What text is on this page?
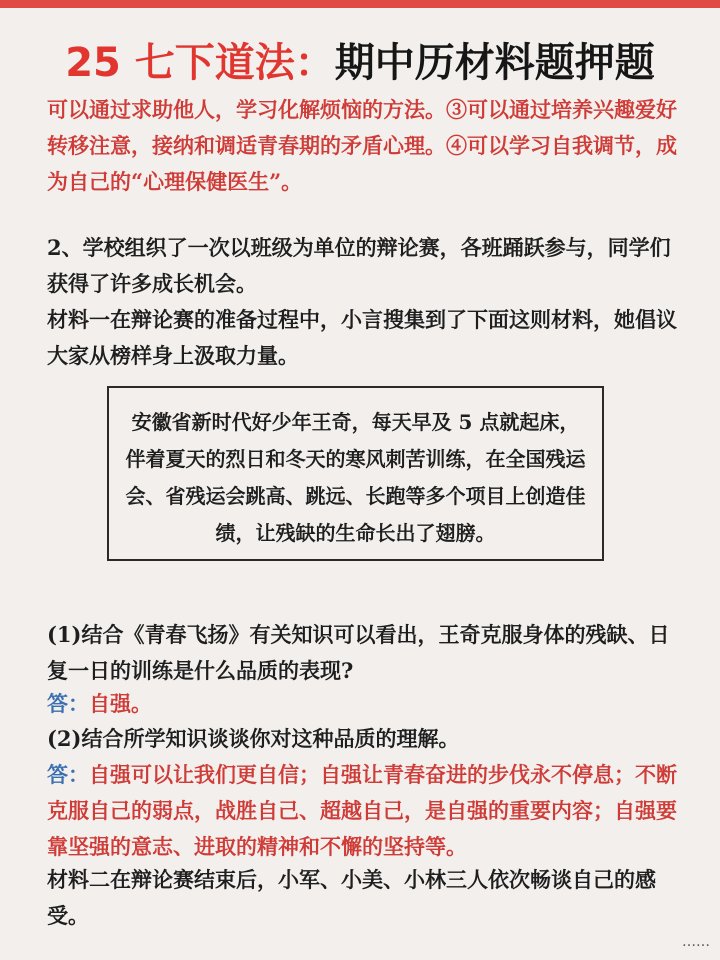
25 七下道法：期中历材料题押题
可以通过求助他人，学习化解烦恼的方法。③可以通过培养兴趣爱好转移注意，接纳和调适青春期的矛盾心理。④可以学习自我调节，成为自己的“心理保健医生”。
2、学校组织了一次以班级为单位的辩论赛，各班踊跃参与，同学们获得了许多成长机会。
材料一在辩论赛的准备过程中，小言搜集到了下面这则材料，她倡议大家从榜样身上汲取力量。
安徽省新时代好少年王奇，每天早及 5 点就起床，伴着夏天的烈日和冬天的寒风刺苦训练，在全国残运会、省残运会跳高、跳远、长跑等多个项目上创造佳绩，让残缺的生命长出了翅膀。
(1)结合《青春飞扬》有关知识可以看出，王奇克服身体的残缺、日复一日的训练是什么品质的表现?
答：自强。
(2)结合所学知识谈谈你对这种品质的理解。
答：自强可以让我们更自信；自强让青春奋进的步伐永不停息；不断克服自己的弱点，战胜自己、超越自己，是自强的重要内容；自强要靠坚强的意志、进取的精神和不懈的坚持等。
材料二在辩论赛结束后，小军、小美、小林三人依次畅谈自己的感受。
……
